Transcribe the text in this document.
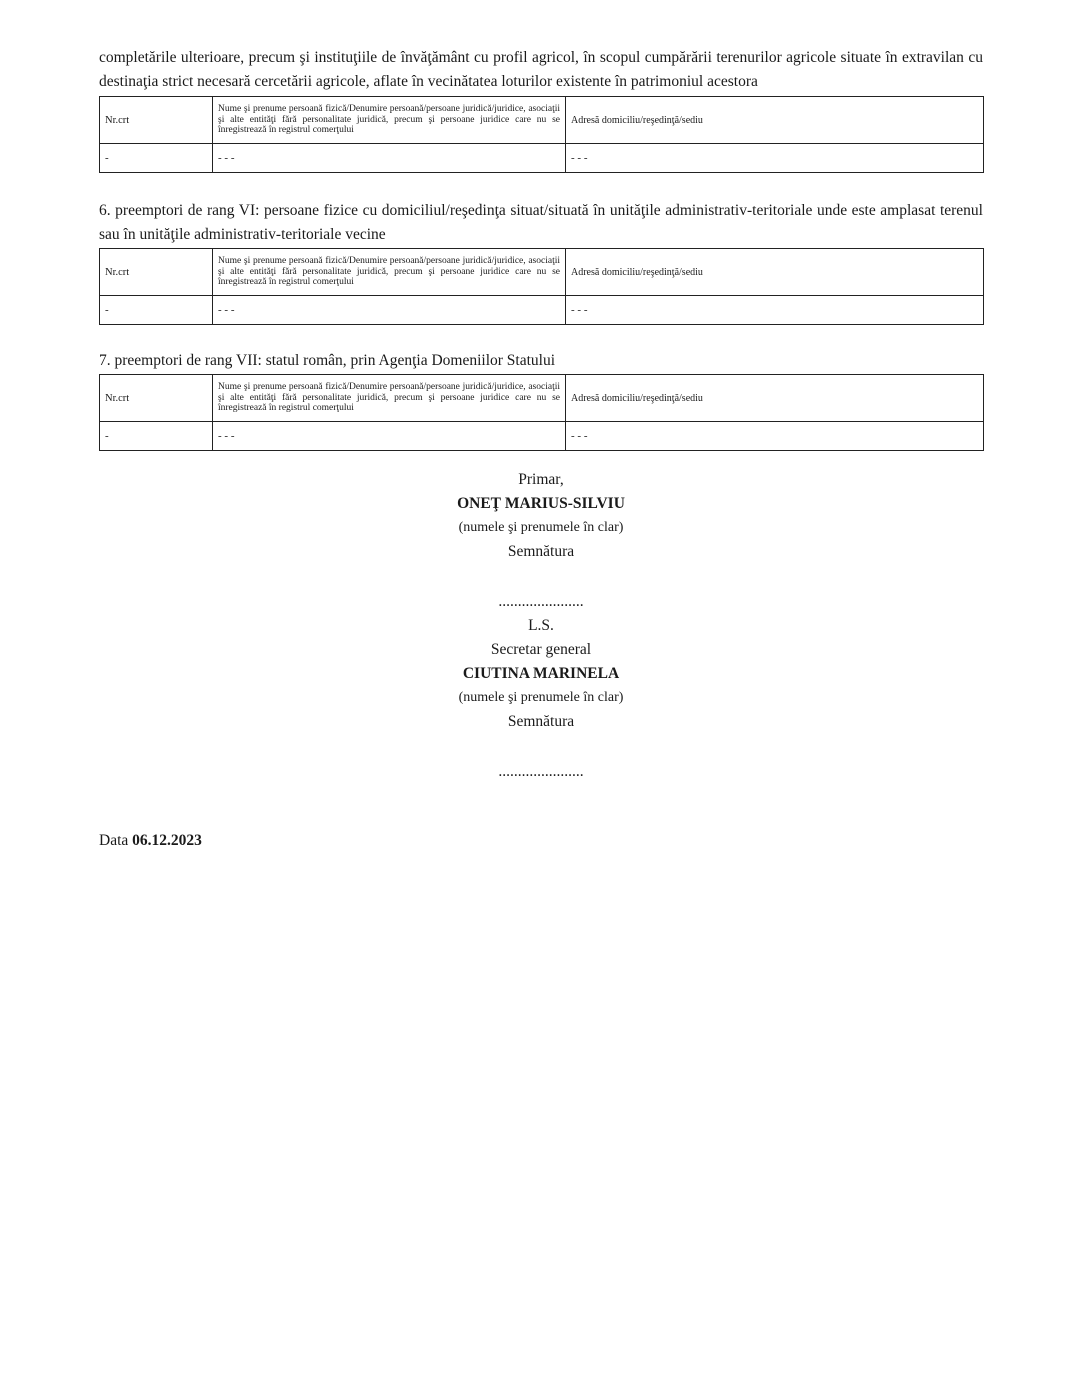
completările ulterioare, precum şi instituţiile de învăţământ cu profil agricol, în scopul cumpărării terenurilor agricole situate în extravilan cu destinaţia strict necesară cercetării agricole, aflate în vecinătatea loturilor existente în patrimoniul acestora

Nr.crt	Nume şi prenume persoană fizică/Denumire persoană/persoane juridică/juridice, asociaţii şi alte entităţi fără personalitate juridică, precum şi persoane juridice care nu se înregistrează în registrul comerţului	Adresă domiciliu/reşedinţă/sediu
-	- - -	- - -

6. preemptori de rang VI: persoane fizice cu domiciliul/reşedinţa situat/situată în unităţile administrativ-teritoriale unde este amplasat terenul sau în unităţile administrativ-teritoriale vecine

Nr.crt	Nume şi prenume persoană fizică/Denumire persoană/persoane juridică/juridice, asociaţii şi alte entităţi fără personalitate juridică, precum şi persoane juridice care nu se înregistrează în registrul comerţului	Adresă domiciliu/reşedinţă/sediu
-	- - -	- - -

7. preemptori de rang VII: statul român, prin Agenţia Domeniilor Statului

Nr.crt	Nume şi prenume persoană fizică/Denumire persoană/persoane juridică/juridice, asociaţii şi alte entităţi fără personalitate juridică, precum şi persoane juridice care nu se înregistrează în registrul comerţului	Adresă domiciliu/reşedinţă/sediu
-	- - -	- - -
Primar,
ONEŢ MARIUS-SILVIU
(numele şi prenumele în clar)
Semnătura
......................
L.S.
Secretar general
CIUTINA MARINELA
(numele şi prenumele în clar)
Semnătura
......................
Data 06.12.2023
